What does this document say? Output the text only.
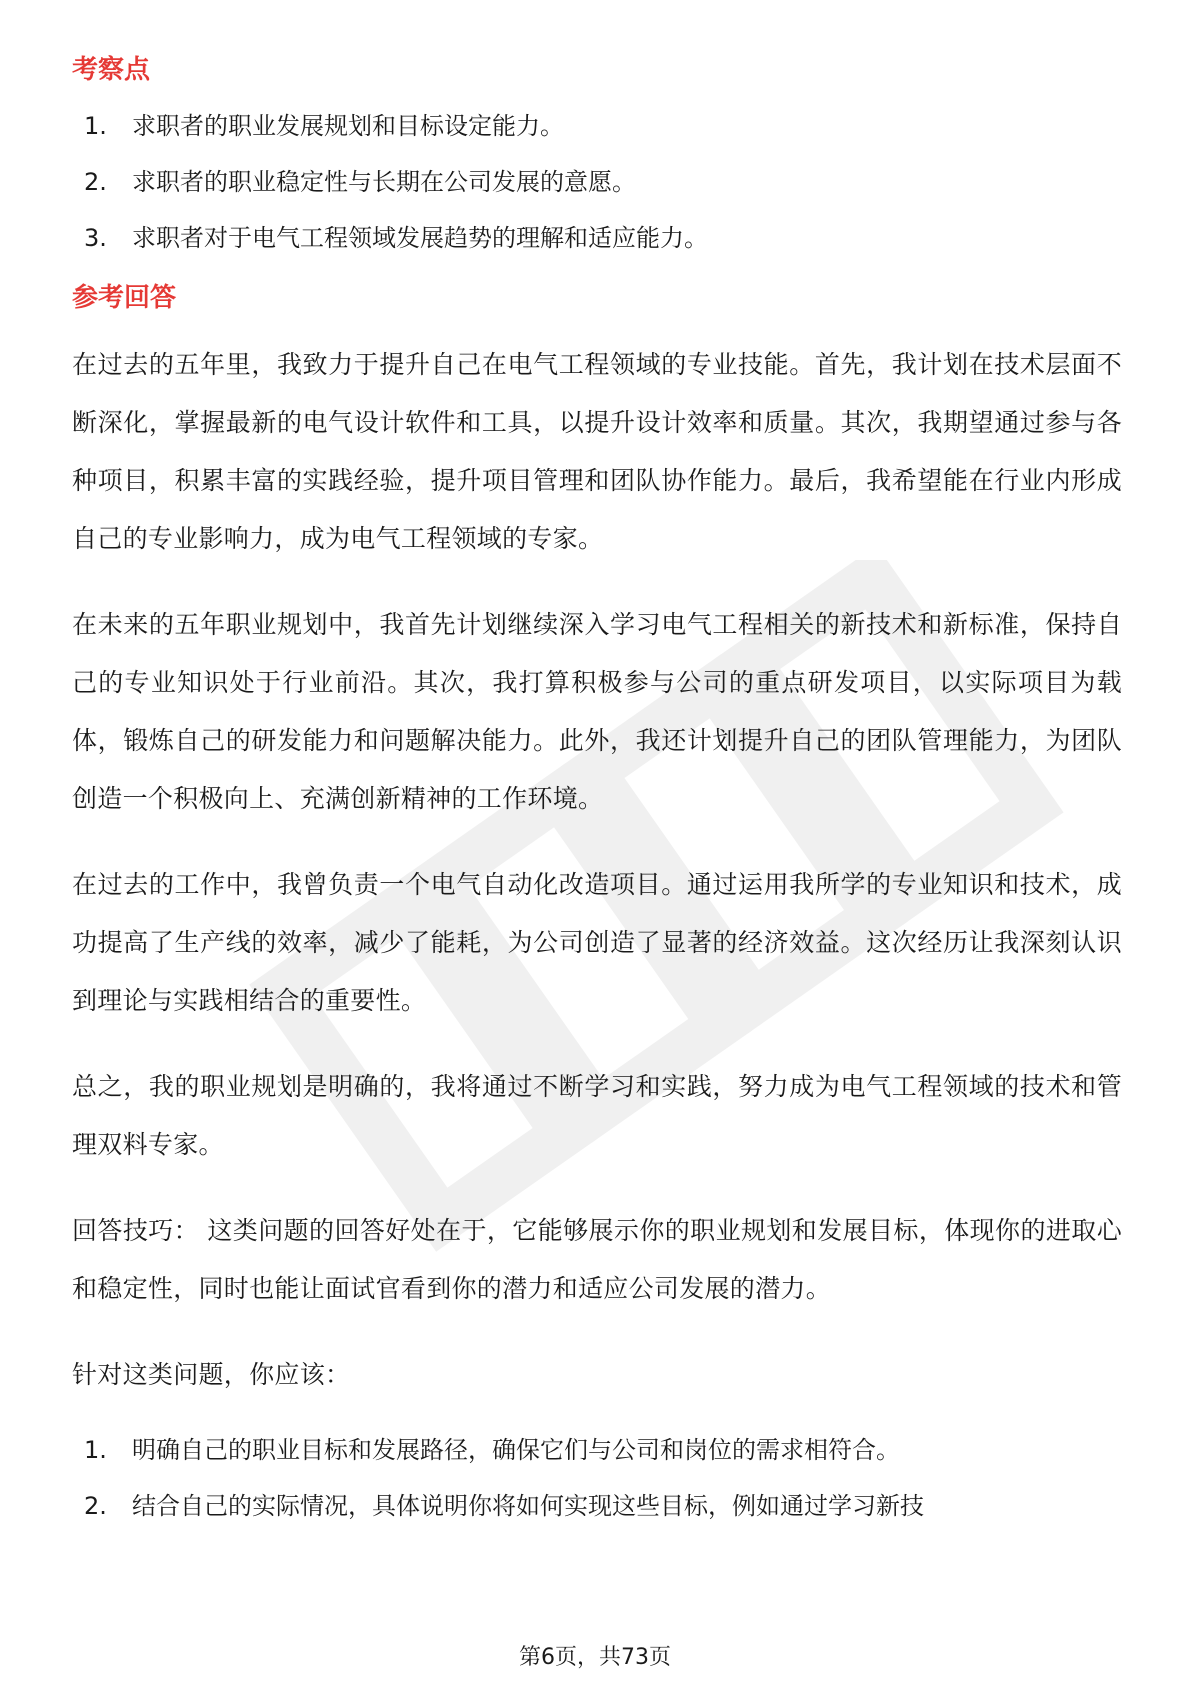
考察点
1.	求职者的职业发展规划和目标设定能力。
2.	求职者的职业稳定性与长期在公司发展的意愿。
3.	求职者对于电气工程领域发展趋势的理解和适应能力。
参考回答

在过去的五年里，我致力于提升自己在电气工程领域的专业技能。首先，我计划在技术层面不断深化，掌握最新的电气设计软件和工具，以提升设计效率和质量。其次，我期望通过参与各种项目，积累丰富的实践经验，提升项目管理和团队协作能力。最后，我希望能在行业内形成自己的专业影响力，成为电气工程领域的专家。

在未来的五年职业规划中，我首先计划继续深入学习电气工程相关的新技术和新标准，保持自己的专业知识处于行业前沿。其次，我打算积极参与公司的重点研发项目，以实际项目为载体，锻炼自己的研发能力和问题解决能力。此外，我还计划提升自己的团队管理能力，为团队创造一个积极向上、充满创新精神的工作环境。

在过去的工作中，我曾负责一个电气自动化改造项目。通过运用我所学的专业知识和技术，成功提高了生产线的效率，减少了能耗，为公司创造了显著的经济效益。这次经历让我深刻认识到理论与实践相结合的重要性。

总之，我的职业规划是明确的，我将通过不断学习和实践，努力成为电气工程领域的技术和管理双料专家。

回答技巧： 这类问题的回答好处在于，它能够展示你的职业规划和发展目标，体现你的进取心和稳定性，同时也能让面试官看到你的潜力和适应公司发展的潜力。

针对这类问题，你应该：

1.	明确自己的职业目标和发展路径，确保它们与公司和岗位的需求相符合。
2.	结合自己的实际情况，具体说明你将如何实现这些目标，例如通过学习新技
第6页，共73页
